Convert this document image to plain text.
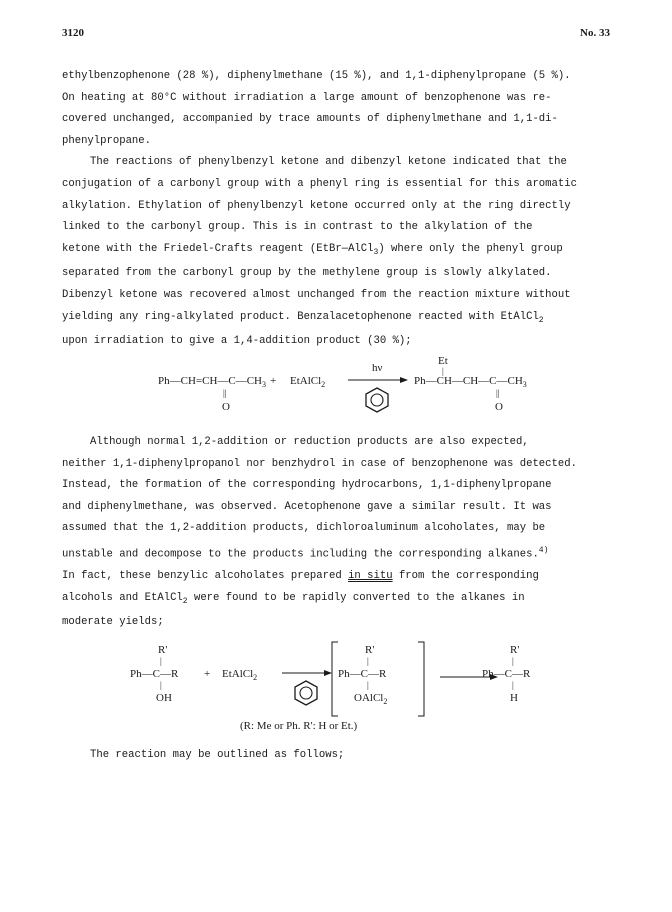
3120	No. 33

ethylbenzophenone (28 %), diphenylmethane (15 %), and 1,1-diphenylpropane (5 %).

On heating at 80°C without irradiation a large amount of benzophenone was re-

covered unchanged, accompanied by trace amounts of diphenylmethane and 1,1-di-

phenylpropane.

The reactions of phenylbenzyl ketone and dibenzyl ketone indicated that the

conjugation of a carbonyl group with a phenyl ring is essential for this aromatic

alkylation. Ethylation of phenylbenzyl ketone occurred only at the ring directly

linked to the carbonyl group. This is in contrast to the alkylation of the

ketone with the Friedel-Crafts reagent (EtBr—AlCl$_3$) where only the phenyl group

separated from the carbonyl group by the methylene group is slowly alkylated.

Dibenzyl ketone was recovered almost unchanged from the reaction mixture without

yielding any ring-alkylated product. Benzalacetophenone reacted with EtAlCl$_2$

upon irradiation to give a 1,4-addition product (30 %);

$Ph—CH=CH—C—CH_3$
||
O
+ EtAlCl$_2$
hν
Et
|
$Ph—CH—CH—C—CH_3$
||
O

Although normal 1,2-addition or reduction products are also expected,

neither 1,1-diphenylpropanol nor benzhydrol in case of benzophenone was detected.

Instead, the formation of the corresponding hydrocarbons, 1,1-diphenylpropane

and diphenylmethane, was observed. Acetophenone gave a similar result. It was

assumed that the 1,2-addition products, dichloroaluminum alcoholates, may be

unstable and decompose to the products including the corresponding alkanes.$^{4)}$

In fact, these benzylic alcoholates prepared in situ from the corresponding

alcohols and EtAlCl$_2$ were found to be rapidly converted to the alkanes in

moderate yields;

R'
|
Ph—C—R
|
OH
+ EtAlCl$_2$
R'
|
Ph—C—R
|
OAlCl$_2$
R'
|
Ph—C—R
|
H
(R: Me or Ph. R': H or Et.)

The reaction may be outlined as follows;
